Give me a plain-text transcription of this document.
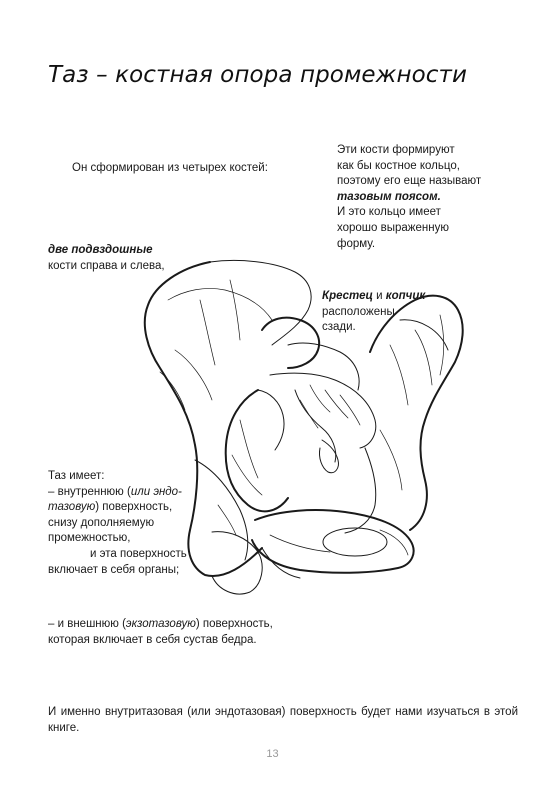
Таз – костная опора промежности
Он сформирован из четырех костей:
Эти кости формируют
как бы костное кольцо,
поэтому его еще называют
тазовым поясом.
И это кольцо имеет
хорошо выраженную
форму.
две подвздошные
кости справа и слева,
Крестец и копчик
расположены
сзади.
Таз имеет:
– внутреннюю (или эндо-
тазовую) поверхность,
снизу дополняемую
промежностью,
и эта поверхность
включает в себя органы;
– и внешнюю (экзотазовую) поверхность,
которая включает в себя сустав бедра.
И именно внутритазовая (или эндотазовая) поверхность будет нами изучаться в этой книге.
13
